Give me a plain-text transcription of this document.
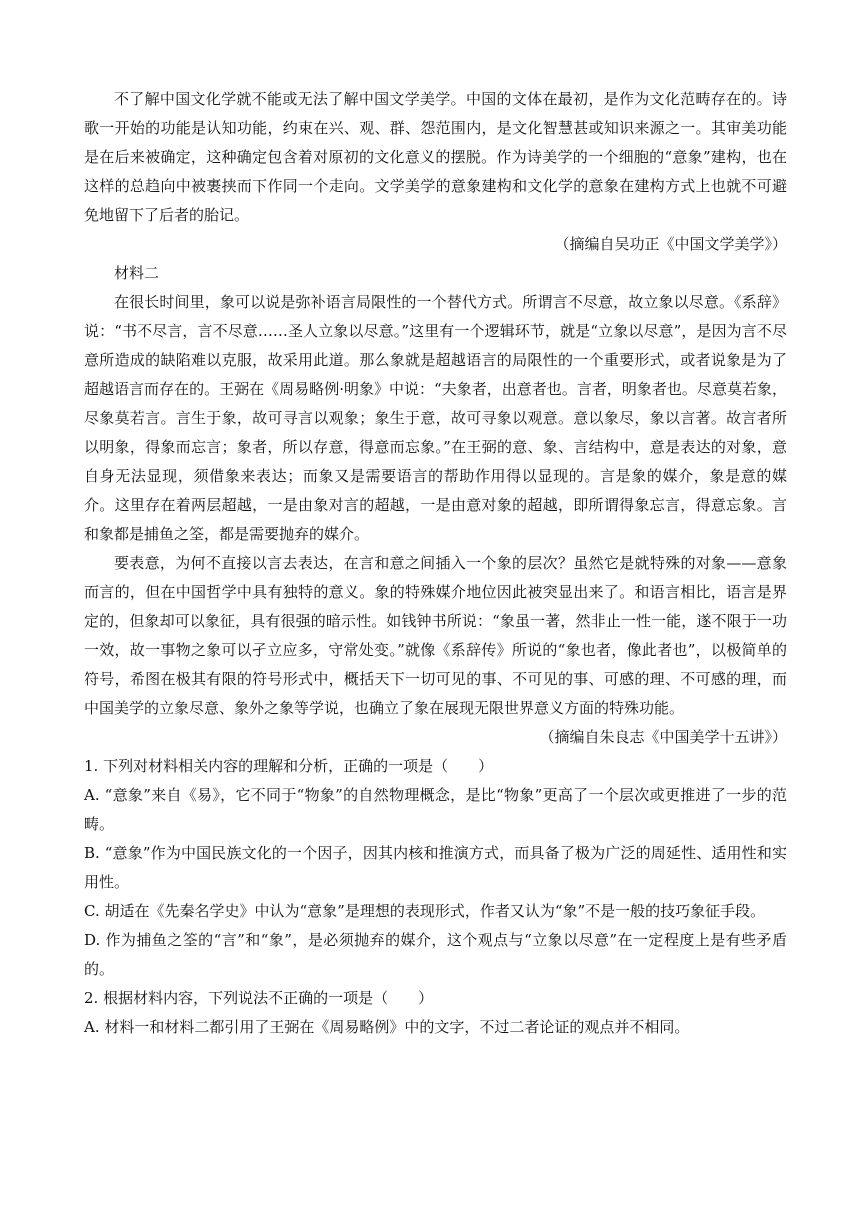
不了解中国文化学就不能或无法了解中国文学美学。中国的文体在最初，是作为文化范畴存在的。诗歌一开始的功能是认知功能，约束在兴、观、群、怨范围内，是文化智慧甚或知识来源之一。其审美功能是在后来被确定，这种确定包含着对原初的文化意义的摆脱。作为诗美学的一个细胞的“意象”建构，也在这样的总趋向中被裹挟而下作同一个走向。文学美学的意象建构和文化学的意象在建构方式上也就不可避免地留下了后者的胎记。

（摘编自吴功正《中国文学美学》）

材料二

在很长时间里，象可以说是弥补语言局限性的一个替代方式。所谓言不尽意，故立象以尽意。《系辞》说：“书不尽言，言不尽意……圣人立象以尽意。”这里有一个逻辑环节，就是“立象以尽意”，是因为言不尽意所造成的缺陷难以克服，故采用此道。那么象就是超越语言的局限性的一个重要形式，或者说象是为了超越语言而存在的。王弼在《周易略例·明象》中说：“夫象者，出意者也。言者，明象者也。尽意莫若象，尽象莫若言。言生于象，故可寻言以观象；象生于意，故可寻象以观意。意以象尽，象以言著。故言者所以明象，得象而忘言；象者，所以存意，得意而忘象。”在王弼的意、象、言结构中，意是表达的对象，意自身无法显现，须借象来表达；而象又是需要语言的帮助作用得以显现的。言是象的媒介，象是意的媒介。这里存在着两层超越，一是由象对言的超越，一是由意对象的超越，即所谓得象忘言，得意忘象。言和象都是捕鱼之筌，都是需要抛弃的媒介。

要表意，为何不直接以言去表达，在言和意之间插入一个象的层次？虽然它是就特殊的对象——意象而言的，但在中国哲学中具有独特的意义。象的特殊媒介地位因此被突显出来了。和语言相比，语言是界定的，但象却可以象征，具有很强的暗示性。如钱钟书所说：“象虽一著，然非止一性一能，遂不限于一功一效，故一事物之象可以孑立应多，守常处变。”就像《系辞传》所说的“象也者，像此者也”，以极简单的符号，希图在极其有限的符号形式中，概括天下一切可见的事、不可见的事、可感的理、不可感的理，而中国美学的立象尽意、象外之象等学说，也确立了象在展现无限世界意义方面的特殊功能。

（摘编自朱良志《中国美学十五讲》）

1. 下列对材料相关内容的理解和分析，正确的一项是（　　）

A. “意象”来自《易》，它不同于“物象”的自然物理概念，是比“物象”更高了一个层次或更推进了一步的范畴。

B. “意象”作为中国民族文化的一个因子，因其内核和推演方式，而具备了极为广泛的周延性、适用性和实用性。

C. 胡适在《先秦名学史》中认为“意象”是理想的表现形式，作者又认为“象”不是一般的技巧象征手段。

D. 作为捕鱼之筌的“言”和“象”，是必须抛弃的媒介，这个观点与“立象以尽意”在一定程度上是有些矛盾的。

2. 根据材料内容，下列说法不正确的一项是（　　）

A. 材料一和材料二都引用了王弼在《周易略例》中的文字，不过二者论证的观点并不相同。
